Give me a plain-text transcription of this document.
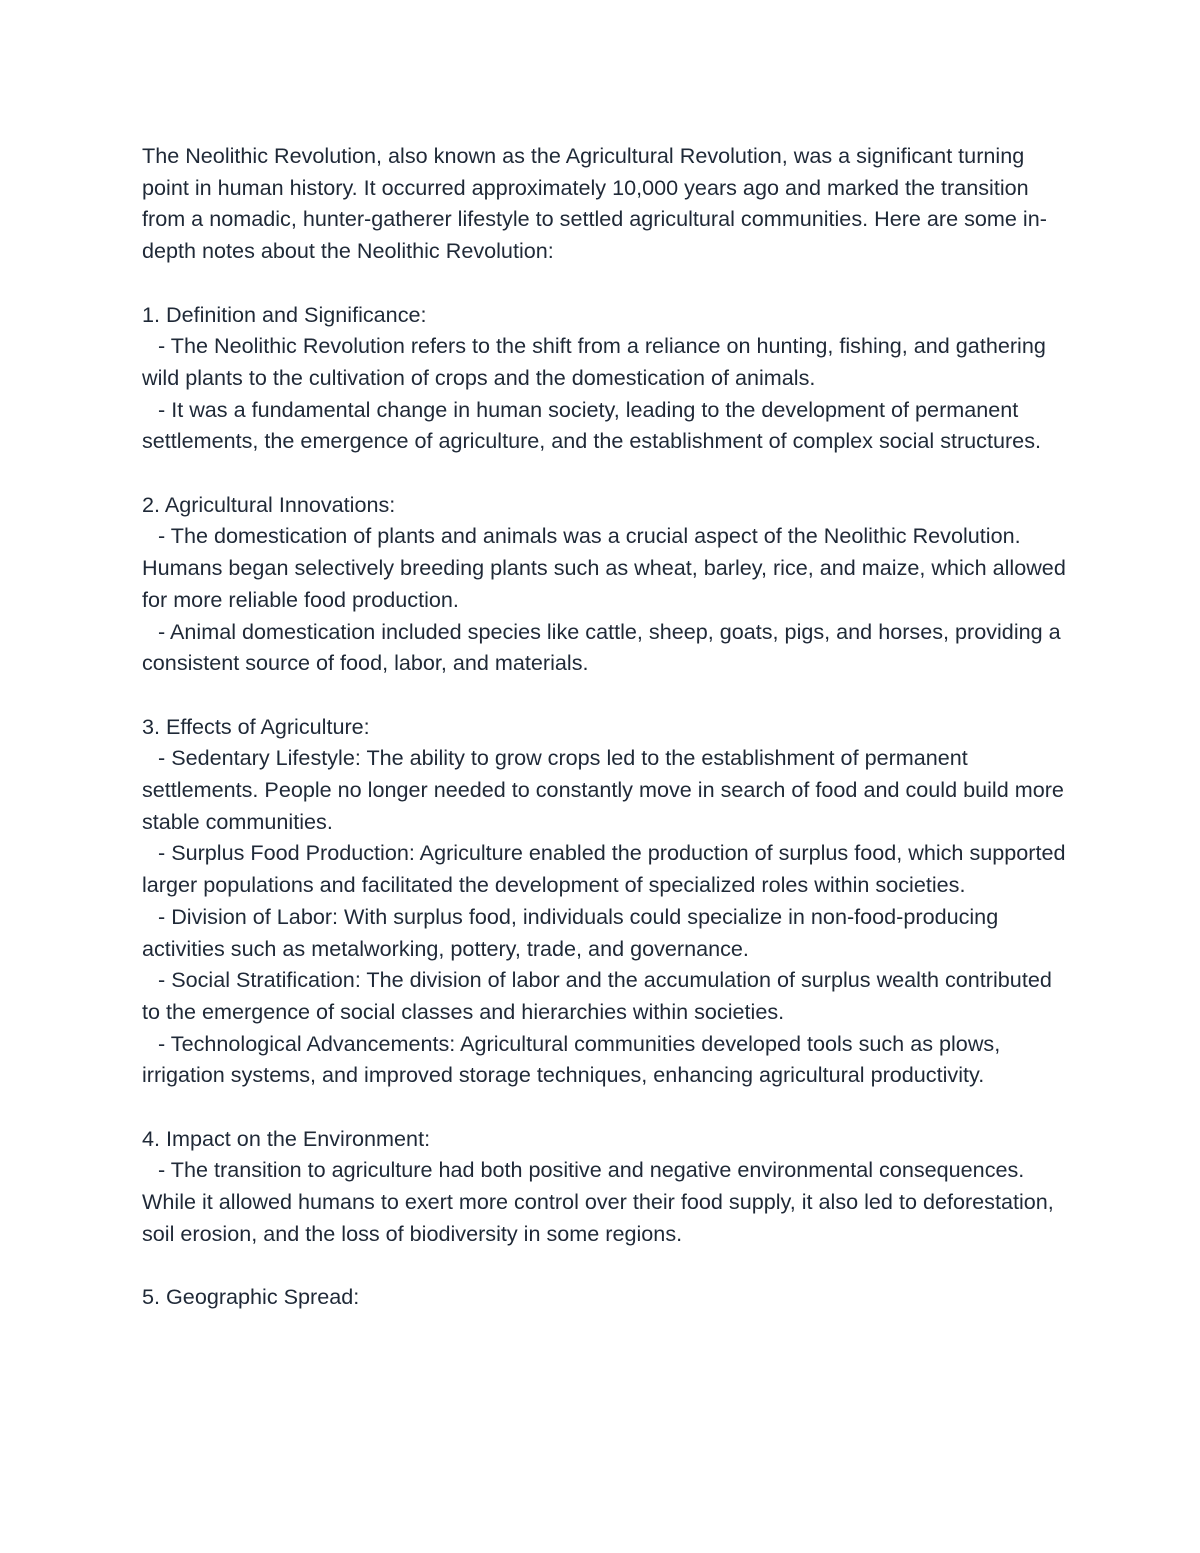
The Neolithic Revolution, also known as the Agricultural Revolution, was a significant turning point in human history. It occurred approximately 10,000 years ago and marked the transition from a nomadic, hunter-gatherer lifestyle to settled agricultural communities. Here are some in-depth notes about the Neolithic Revolution:

1. Definition and Significance:

- The Neolithic Revolution refers to the shift from a reliance on hunting, fishing, and gathering wild plants to the cultivation of crops and the domestication of animals.

- It was a fundamental change in human society, leading to the development of permanent settlements, the emergence of agriculture, and the establishment of complex social structures.

2. Agricultural Innovations:

- The domestication of plants and animals was a crucial aspect of the Neolithic Revolution. Humans began selectively breeding plants such as wheat, barley, rice, and maize, which allowed for more reliable food production.

- Animal domestication included species like cattle, sheep, goats, pigs, and horses, providing a consistent source of food, labor, and materials.

3. Effects of Agriculture:

- Sedentary Lifestyle: The ability to grow crops led to the establishment of permanent settlements. People no longer needed to constantly move in search of food and could build more stable communities.

- Surplus Food Production: Agriculture enabled the production of surplus food, which supported larger populations and facilitated the development of specialized roles within societies.

- Division of Labor: With surplus food, individuals could specialize in non-food-producing activities such as metalworking, pottery, trade, and governance.

- Social Stratification: The division of labor and the accumulation of surplus wealth contributed to the emergence of social classes and hierarchies within societies.

- Technological Advancements: Agricultural communities developed tools such as plows, irrigation systems, and improved storage techniques, enhancing agricultural productivity.

4. Impact on the Environment:

- The transition to agriculture had both positive and negative environmental consequences. While it allowed humans to exert more control over their food supply, it also led to deforestation, soil erosion, and the loss of biodiversity in some regions.

5. Geographic Spread:
